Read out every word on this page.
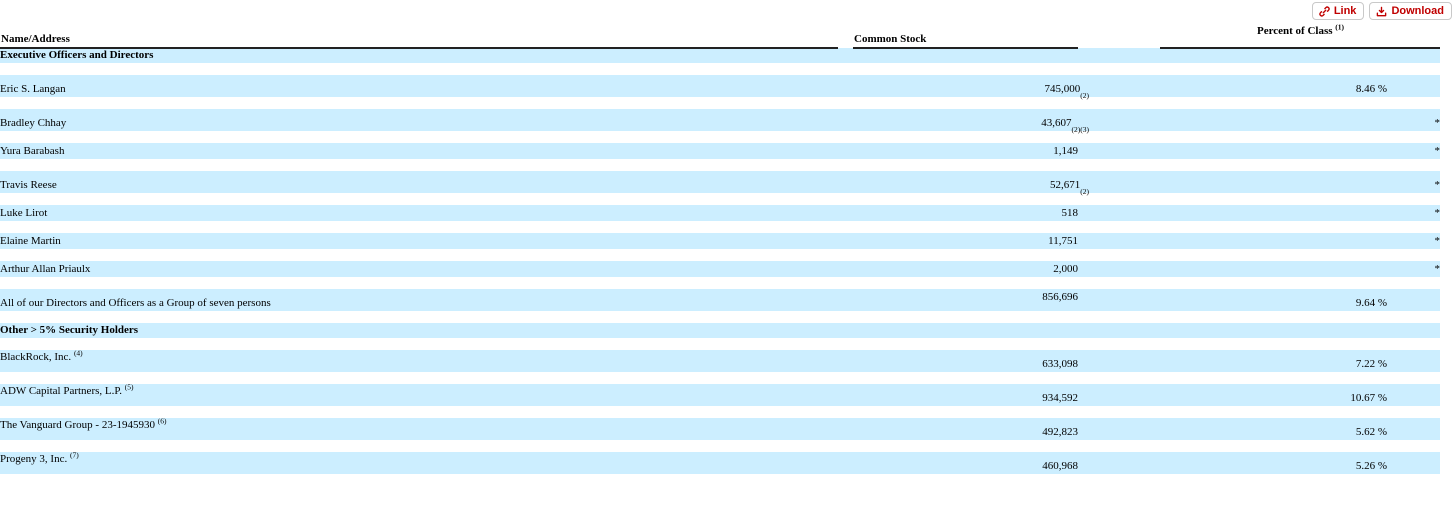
Link	Download
Name/Address		Common Stock		Percent of Class $^{(1)}$
Executive Officers and Directors					

Eric S. Langan		$745,000_{(2)}$		8.46 %	

Bradley Chhay		$43,607_{(2)(3)}$			*

Yura Barabash		1,149			*

Travis Reese		$52,671_{(2)}$			*

Luke Lirot		518			*

Elaine Martin		11,751			*

Arthur Allan Priaulx		2,000			*

All of our Directors and Officers as a Group of seven persons		856,696		9.64 %	

Other > 5% Security Holders					

BlackRock, Inc. $^{(4)}$		633,098		7.22 %	

ADW Capital Partners, L.P. $^{(5)}$		934,592		10.67 %	

The Vanguard Group - 23-1945930 $^{(6)}$		492,823		5.62 %	

Progeny 3, Inc. $^{(7)}$		460,968		5.26 %	
